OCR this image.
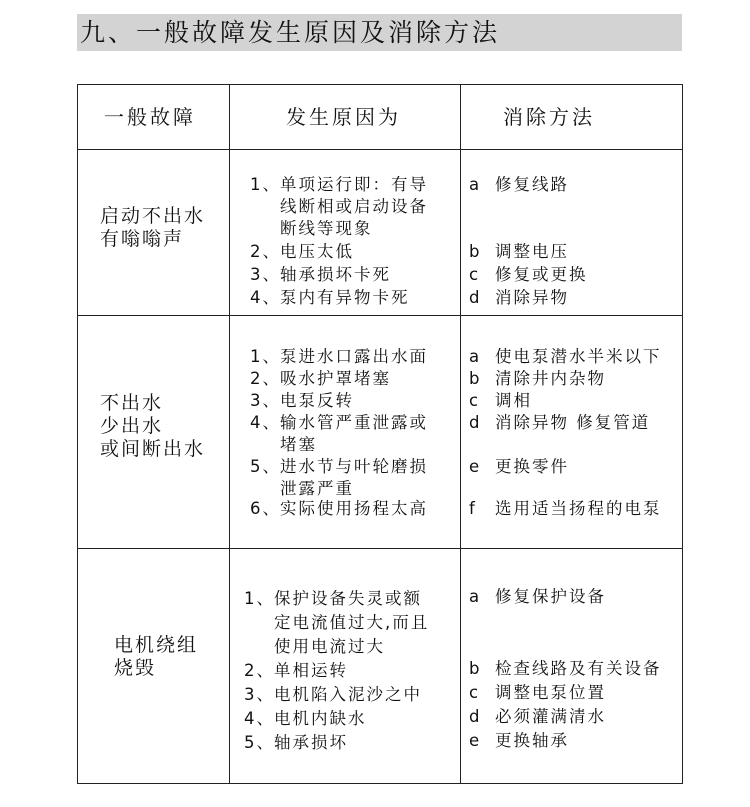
九、一般故障发生原因及消除方法
一般故障	发生原因为	消除方法
启动不出水
有嗡嗡声
1、单项运行即：有导
线断相或启动设备
断线等现象
2、电压太低
3、轴承损坏卡死
4、泵内有异物卡死
a 修复线路
b 调整电压
c 修复或更换
d 消除异物
不出水
少出水
或间断出水
1、泵进水口露出水面
2、吸水护罩堵塞
3、电泵反转
4、输水管严重泄露或
堵塞
5、进水节与叶轮磨损
泄露严重
6、实际使用扬程太高
a 使电泵潜水半米以下
b 清除井内杂物
c 调相
d 消除异物 修复管道
e 更换零件
f 选用适当扬程的电泵
电机绕组
烧毁
1、保护设备失灵或额
定电流值过大,而且
使用电流过大
2、单相运转
3、电机陷入泥沙之中
4、电机内缺水
5、轴承损坏
a 修复保护设备
b 检查线路及有关设备
c 调整电泵位置
d 必须灌满清水
e 更换轴承
